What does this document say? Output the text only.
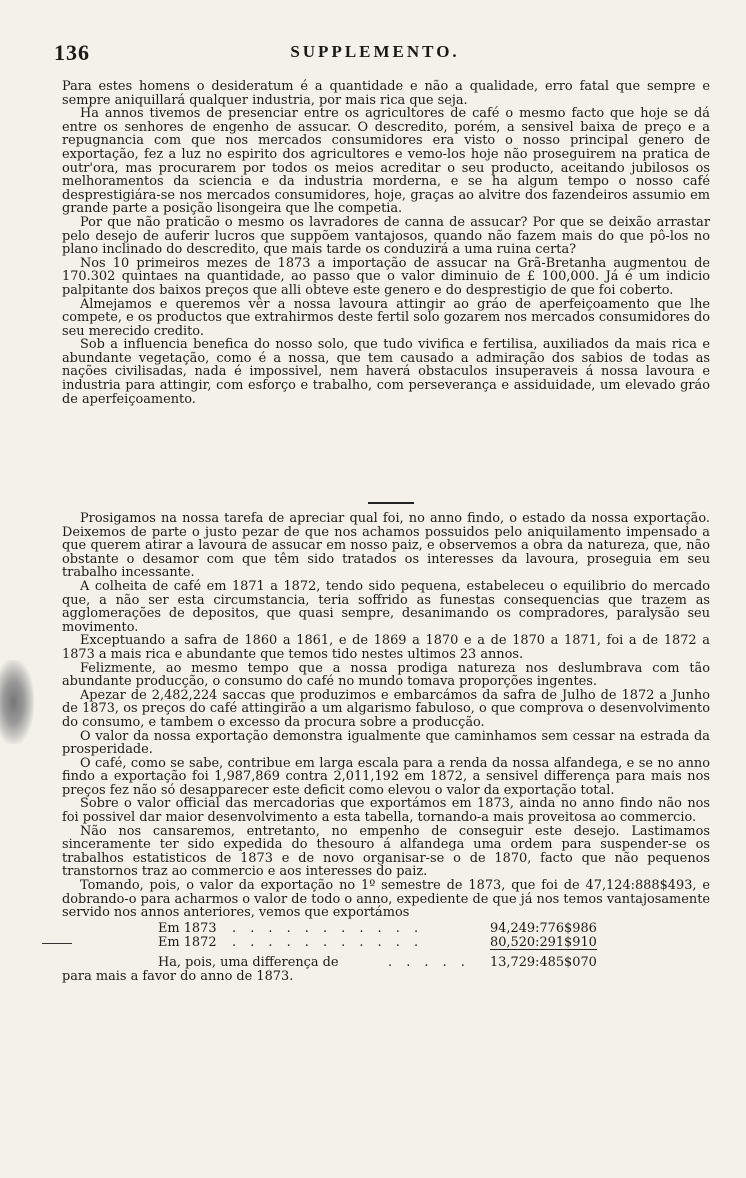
136	SUPPLEMENTO.

Para estes homens o desideratum é a quantidade e não a qualidade, erro fatal que sempre e sempre aniquillará qualquer industria, por mais rica que seja.

Ha annos tivemos de presenciar entre os agricultores de café o mesmo facto que hoje se dá entre os senhores de engenho de assucar. O descredito, porém, a sensivel baixa de preço e a repugnancia com que nos mercados consumidores era visto o nosso principal genero de exportação, fez a luz no espirito dos agricultores e vemo-los hoje não proseguirem na pratica de outr'ora, mas procurarem por todos os meios acreditar o seu producto, aceitando jubilosos os melhoramentos da sciencia e da industria morderna, e se ha algum tempo o nosso café desprestigiára-se nos mercados consumidores, hoje, graças ao alvitre dos fazendeiros assumio em grande parte a posição lisongeira que lhe competia.

Por que não praticão o mesmo os lavradores de canna de assucar? Por que se deixão arrastar pelo desejo de auferir lucros que suppõem vantajosos, quando não fazem mais do que pô-los no plano inclinado do descredito, que mais tarde os conduzirá a uma ruina certa?

Nos 10 primeiros mezes de 1873 a importação de assucar na Grã-Bretanha augmentou de 170.302 quintaes na quantidade, ao passo que o valor diminuio de £ 100,000. Já é um indicio palpitante dos baixos preços que alli obteve este genero e do desprestigio de que foi coberto.

Almejamos e queremos vêr a nossa lavoura attingir ao gráo de aperfeiçoamento que lhe compete, e os productos que extrahirmos deste fertil solo gozarem nos mercados consumidores do seu merecido credito.

Sob a influencia benefica do nosso solo, que tudo vivifica e fertilisa, auxiliados da mais rica e abundante vegetação, como é a nossa, que tem causado a admiração dos sabios de todas as nações civilisadas, nada é impossivel, nem haverá obstaculos insuperaveis á nossa lavoura e industria para attingir, com esforço e trabalho, com perseverança e assiduidade, um elevado gráo de aperfeiçoamento.

Prosigamos na nossa tarefa de apreciar qual foi, no anno findo, o estado da nossa exportação. Deixemos de parte o justo pezar de que nos achamos possuidos pelo aniquilamento impensado a que querem atirar a lavoura de assucar em nosso paiz, e observemos a obra da natureza, que, não obstante o desamor com que têm sido tratados os interesses da lavoura, proseguia em seu trabalho incessante.

A colheita de café em 1871 a 1872, tendo sido pequena, estabeleceu o equilibrio do mercado que, a não ser esta circumstancia, teria soffrido as funestas consequencias que trazem as agglomerações de depositos, que quasi sempre, desanimando os compradores, paralysão seu movimento.

Exceptuando a safra de 1860 a 1861, e de 1869 a 1870 e a de 1870 a 1871, foi a de 1872 a 1873 a mais rica e abundante que temos tido nestes ultimos 23 annos.

Felizmente, ao mesmo tempo que a nossa prodiga natureza nos deslumbrava com tão abundante producção, o consumo do café no mundo tomava proporções ingentes.

Apezar de 2,482,224 saccas que produzimos e embarcámos da safra de Julho de 1872 a Junho de 1873, os preços do café attingirão a um algarismo fabuloso, o que comprova o desenvolvimento do consumo, e tambem o excesso da procura sobre a producção.

O valor da nossa exportação demonstra igualmente que caminhamos sem cessar na estrada da prosperidade.

O café, como se sabe, contribue em larga escala para a renda da nossa alfandega, e se no anno findo a exportação foi 1,987,869 contra 2,011,192 em 1872, a sensivel differença para mais nos preços fez não só desapparecer este deficit como elevou o valor da exportação total.

Sobre o valor official das mercadorias que exportámos em 1873, ainda no anno findo não nos foi possivel dar maior desenvolvimento a esta tabella, tornando-a mais proveitosa ao commercio.

Não nos cansaremos, entretanto, no empenho de conseguir este desejo. Lastimamos sinceramente ter sido expedida do thesouro á alfandega uma ordem para suspender-se os trabalhos estatisticos de 1873 e de novo organisar-se o de 1870, facto que não pequenos transtornos traz ao commercio e aos interesses do paiz.

Tomando, pois, o valor da exportação no 1º semestre de 1873, que foi de 47,124:888$493, e dobrando-o para acharmos o valor de todo o anno, expediente de que já nos temos vantajosamente servido nos annos anteriores, vemos que exportámos

Em 1873 . . . . . . . . . . .	94,249:776$986
Em 1872 . . . . . . . . . . .	80,520:291$910
Ha, pois, uma differença de	. . . . . 13,729:485$070

para mais a favor do anno de 1873.
